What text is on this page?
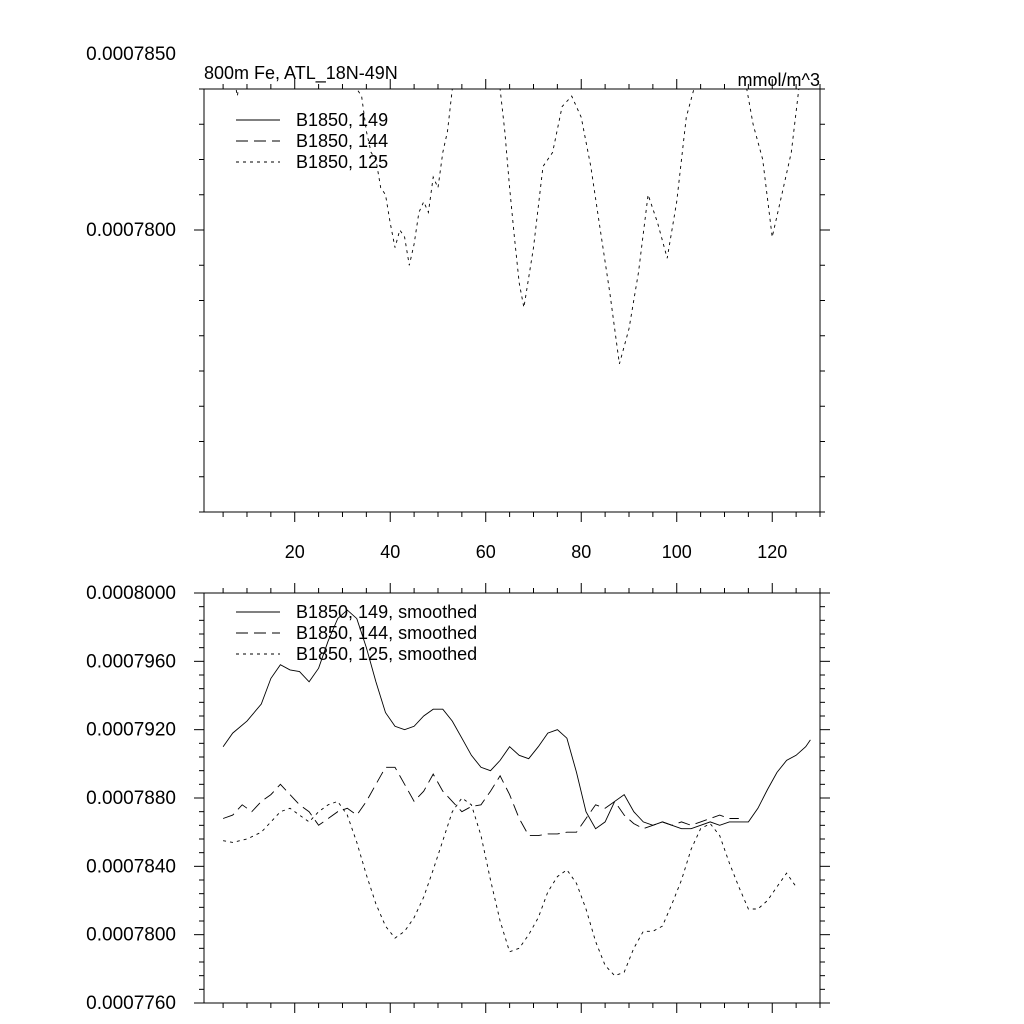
20	40	60	80	100	120
0.0007800
0.0007850
800m Fe, ATL_18N-49N	mmol/m^3
B1850, 149
B1850, 144
B1850, 125
0.0007760
0.0007800
0.0007840
0.0007880
0.0007920
0.0007960
0.0008000
B1850, 149, smoothed
B1850, 144, smoothed
B1850, 125, smoothed
